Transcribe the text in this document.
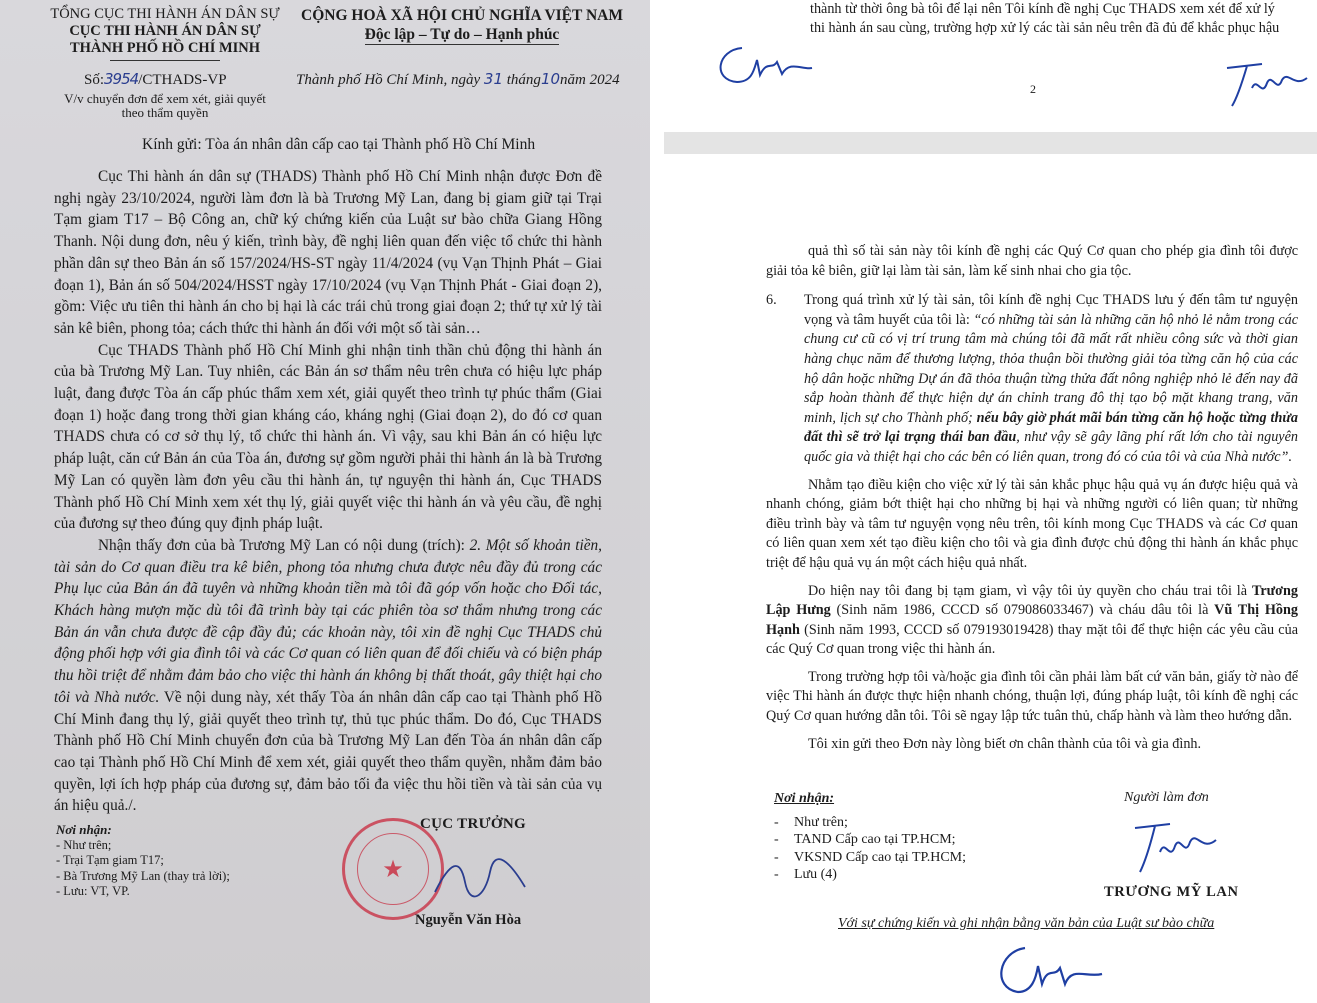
TỔNG CỤC THI HÀNH ÁN DÂN SỰ
CỤC THI HÀNH ÁN DÂN SỰ
THÀNH PHỐ HỒ CHÍ MINH
CỘNG HOÀ XÃ HỘI CHỦ NGHĨA VIỆT NAM
Độc lập – Tự do – Hạnh phúc
Số:3954/CTHADS-VP	Thành phố Hồ Chí Minh, ngày 31 tháng10năm 2024
V/v chuyển đơn để xem xét, giải quyết
theo thẩm quyền
Kính gửi: Tòa án nhân dân cấp cao tại Thành phố Hồ Chí Minh

Cục Thi hành án dân sự (THADS) Thành phố Hồ Chí Minh nhận được Đơn đề nghị ngày 23/10/2024, người làm đơn là bà Trương Mỹ Lan, đang bị giam giữ tại Trại Tạm giam T17 – Bộ Công an, chữ ký chứng kiến của Luật sư bào chữa Giang Hồng Thanh. Nội dung đơn, nêu ý kiến, trình bày, đề nghị liên quan đến việc tổ chức thi hành phần dân sự theo Bản án số 157/2024/HS-ST ngày 11/4/2024 (vụ Vạn Thịnh Phát – Giai đoạn 1), Bản án số 504/2024/HSST ngày 17/10/2024 (vụ Vạn Thịnh Phát - Giai đoạn 2), gồm: Việc ưu tiên thi hành án cho bị hại là các trái chủ trong giai đoạn 2; thứ tự xử lý tài sản kê biên, phong tỏa; cách thức thi hành án đối với một số tài sản…

Cục THADS Thành phố Hồ Chí Minh ghi nhận tinh thần chủ động thi hành án của bà Trương Mỹ Lan. Tuy nhiên, các Bản án sơ thẩm nêu trên chưa có hiệu lực pháp luật, đang được Tòa án cấp phúc thẩm xem xét, giải quyết theo trình tự phúc thẩm (Giai đoạn 1) hoặc đang trong thời gian kháng cáo, kháng nghị (Giai đoạn 2), do đó cơ quan THADS chưa có cơ sở thụ lý, tổ chức thi hành án. Vì vậy, sau khi Bản án có hiệu lực pháp luật, căn cứ Bản án của Tòa án, đương sự gồm người phải thi hành án là bà Trương Mỹ Lan có quyền làm đơn yêu cầu thi hành án, tự nguyện thi hành án, Cục THADS Thành phố Hồ Chí Minh xem xét thụ lý, giải quyết việc thi hành án và yêu cầu, đề nghị của đương sự theo đúng quy định pháp luật.

Nhận thấy đơn của bà Trương Mỹ Lan có nội dung (trích): 2. Một số khoản tiền, tài sản do Cơ quan điều tra kê biên, phong tỏa nhưng chưa được nêu đầy đủ trong các Phụ lục của Bản án đã tuyên và những khoản tiền mà tôi đã góp vốn hoặc cho Đối tác, Khách hàng mượn mặc dù tôi đã trình bày tại các phiên tòa sơ thẩm nhưng trong các Bản án vẫn chưa được đề cập đầy đủ; các khoản này, tôi xin đề nghị Cục THADS chủ động phối hợp với gia đình tôi và các Cơ quan có liên quan để đối chiếu và có biện pháp thu hồi triệt để nhằm đảm bảo cho việc thi hành án không bị thất thoát, gây thiệt hại cho tôi và Nhà nước. Về nội dung này, xét thấy Tòa án nhân dân cấp cao tại Thành phố Hồ Chí Minh đang thụ lý, giải quyết theo trình tự, thủ tục phúc thẩm. Do đó, Cục THADS Thành phố Hồ Chí Minh chuyển đơn của bà Trương Mỹ Lan đến Tòa án nhân dân cấp cao tại Thành phố Hồ Chí Minh để xem xét, giải quyết theo thẩm quyền, nhằm đảm bảo quyền, lợi ích hợp pháp của đương sự, đảm bảo tối đa việc thu hồi tiền và tài sản của vụ án hiệu quả./.

Nơi nhận:
- Như trên;
- Trại Tạm giam T17;
- Bà Trương Mỹ Lan (thay trả lời);
- Lưu: VT, VP.
★
CỤC TRƯỞNG
Nguyễn Văn Hòa
thành từ thời ông bà tôi để lại nên Tôi kính đề nghị Cục THADS xem xét để xử lý
thi hành án sau cùng, trường hợp xử lý các tài sản nêu trên đã đủ để khắc phục hậu
2

quả thì số tài sản này tôi kính đề nghị các Quý Cơ quan cho phép gia đình tôi được giải tỏa kê biên, giữ lại làm tài sản, làm kế sinh nhai cho gia tộc.

6. Trong quá trình xử lý tài sản, tôi kính đề nghị Cục THADS lưu ý đến tâm tư nguyện vọng và tâm huyết của tôi là: “có những tài sản là những căn hộ nhỏ lẻ nằm trong các chung cư cũ có vị trí trung tâm mà chúng tôi đã mất rất nhiều công sức và thời gian hàng chục năm để thương lượng, thỏa thuận bồi thường giải tỏa từng căn hộ của các hộ dân hoặc những Dự án đã thỏa thuận từng thửa đất nông nghiệp nhỏ lẻ đến nay đã sắp hoàn thành để thực hiện dự án chỉnh trang đô thị tạo bộ mặt khang trang, văn minh, lịch sự cho Thành phố; nếu bây giờ phát mãi bán từng căn hộ hoặc từng thửa đất thì sẽ trở lại trạng thái ban đầu, như vậy sẽ gây lãng phí rất lớn cho tài nguyên quốc gia và thiệt hại cho các bên có liên quan, trong đó có của tôi và của Nhà nước”.

Nhằm tạo điều kiện cho việc xử lý tài sản khắc phục hậu quả vụ án được hiệu quả và nhanh chóng, giảm bớt thiệt hại cho những bị hại và những người có liên quan; từ những điều trình bày và tâm tư nguyện vọng nêu trên, tôi kính mong Cục THADS và các Cơ quan có liên quan xem xét tạo điều kiện cho tôi và gia đình được chủ động thi hành án khắc phục triệt để hậu quả vụ án một cách hiệu quả nhất.

Do hiện nay tôi đang bị tạm giam, vì vậy tôi ủy quyền cho cháu trai tôi là Trương Lập Hưng (Sinh năm 1986, CCCD số 079086033467) và cháu dâu tôi là Vũ Thị Hồng Hạnh (Sinh năm 1993, CCCD số 079193019428) thay mặt tôi để thực hiện các yêu cầu của các Quý Cơ quan trong việc thi hành án.

Trong trường hợp tôi và/hoặc gia đình tôi cần phải làm bất cứ văn bản, giấy tờ nào để việc Thi hành án được thực hiện nhanh chóng, thuận lợi, đúng pháp luật, tôi kính đề nghị các Quý Cơ quan hướng dẫn tôi. Tôi sẽ ngay lập tức tuân thủ, chấp hành và làm theo hướng dẫn.

Tôi xin gửi theo Đơn này lòng biết ơn chân thành của tôi và gia đình.

Nơi nhận:
- Như trên;
- TAND Cấp cao tại TP.HCM;
- VKSND Cấp cao tại TP.HCM;
- Lưu (4)
Người làm đơn
TRƯƠNG MỸ LAN
Với sự chứng kiến và ghi nhận bằng văn bản của Luật sư bào chữa
